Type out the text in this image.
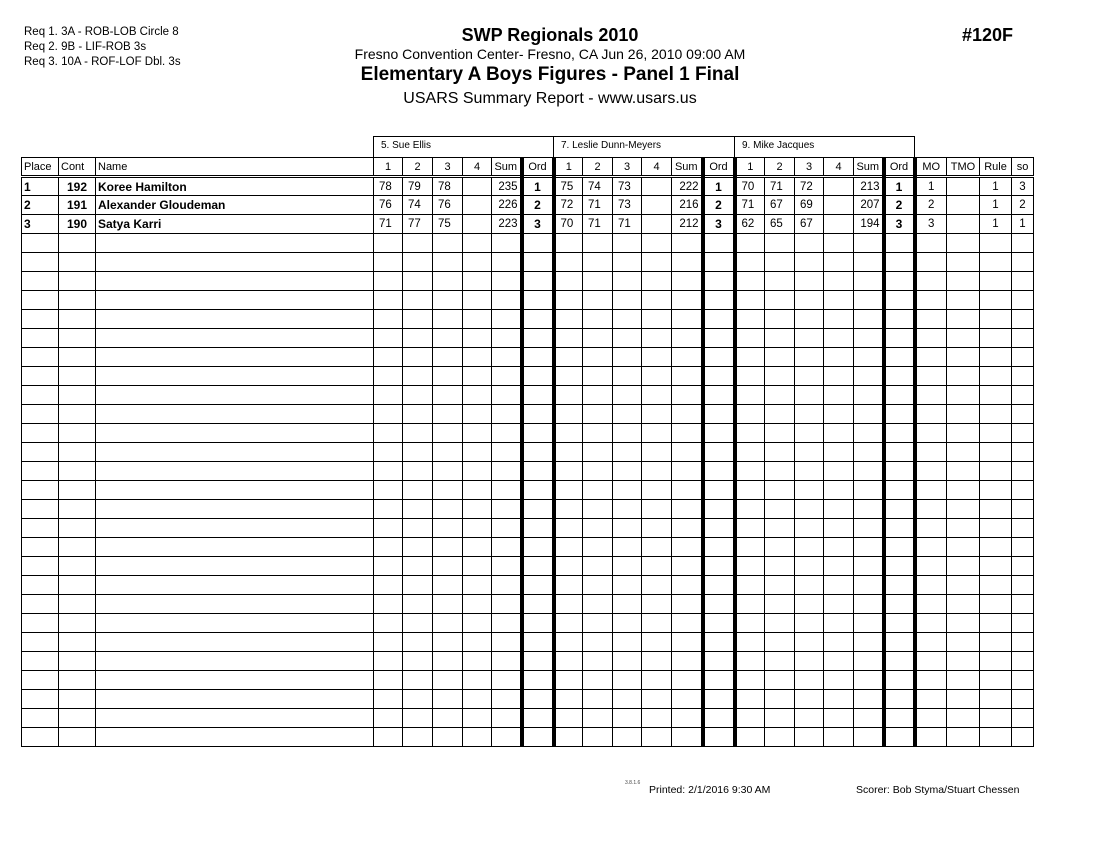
Req 1. 3A - ROB-LOB Circle 8
Req 2. 9B - LIF-ROB 3s
Req 3. 10A - ROF-LOF Dbl. 3s
SWP Regionals 2010
Fresno Convention Center- Fresno, CA Jun 26, 2010 09:00 AM
Elementary A Boys Figures - Panel 1 Final
USARS Summary Report - www.usars.us
#120F
5. Sue Ellis	7. Leslie Dunn-Meyers	9. Mike Jacques
Place	Cont	Name	1	2	3	4	Sum	Ord	1	2	3	4	Sum	Ord	1	2	3	4	Sum	Ord	MO	TMO	Rule	so
1	192	Koree Hamilton	78	79	78		235	1	75	74	73		222	1	70	71	72		213	1	1		1	3
2	191	Alexander Gloudeman	76	74	76		226	2	72	71	73		216	2	71	67	69		207	2	2		1	2
3	190	Satya Karri	71	77	75		223	3	70	71	71		212	3	62	65	67		194	3	3		1	1

3.8.1.6
Printed: 2/1/2016 9:30 AM	Scorer: Bob Styma/Stuart Chessen
